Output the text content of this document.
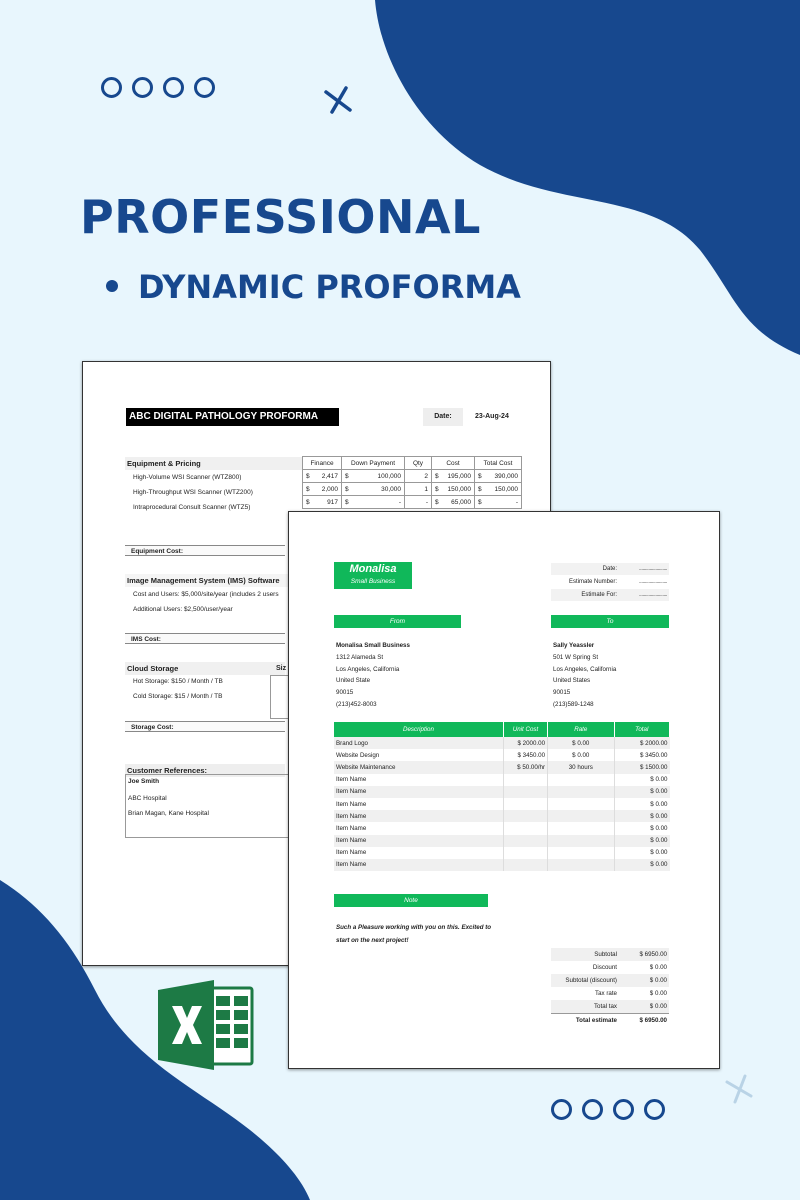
PROFESSIONAL
DYNAMIC PROFORMA
ABC DIGITAL PATHOLOGY PROFORMA	Date:	23-Aug-24
Equipment & Pricing
High-Volume WSI Scanner (WTZ800)
High-Throughput WSI Scanner (WTZ200)
Intraprocedural Consult Scanner (WTZ5)
Finance	Down Payment	Qty	Cost	Total Cost

$ 2,417	$ 100,000	2	$ 195,000	$ 390,000

$ 2,000	$ 30,000	1	$ 150,000	$ 150,000

$ 917	$ -	-	$ 65,000	$ -
Equipment Cost:
Image Management System (IMS) Software
Cost and Users: $5,000/site/year (includes 2 users
Additional Users: $2,500/user/year
IMS Cost:
Cloud Storage	Siz
Hot Storage: $150 / Month / TB
Cold Storage: $15 / Month / TB
Storage Cost:
Customer References:
Joe Smith
ABC Hospital
Brian Magan, Kane Hospital
Monalisa
Small Business
Date:	........................
Estimate Number:	........................
Estimate For:	........................
From	To
Monalisa Small Business
1312 Alameda St
Los Angeles, California
United State
90015
(213)452-8003
Sally Yeassler
501 W Spring St
Los Angeles, California
United States
90015
(213)589-1248
Description	Unit Cost	Rate	Total
Brand Logo	$ 2000.00	$ 0.00	$ 2000.00
Website Design	$ 3450.00	$ 0.00	$ 3450.00
Website Maintenance	$ 50.00/hr	30 hours	$ 1500.00
Item Name			$ 0.00
Item Name			$ 0.00
Item Name			$ 0.00
Item Name			$ 0.00
Item Name			$ 0.00
Item Name			$ 0.00
Item Name			$ 0.00
Item Name			$ 0.00
Note
Such a Pleasure working with you on this. Excited to start on the next project!
Subtotal	$ 6950.00
Discount	$ 0.00
Subtotal (discount)	$ 0.00
Tax rate	$ 0.00
Total tax	$ 0.00
Total estimate	$ 6950.00
